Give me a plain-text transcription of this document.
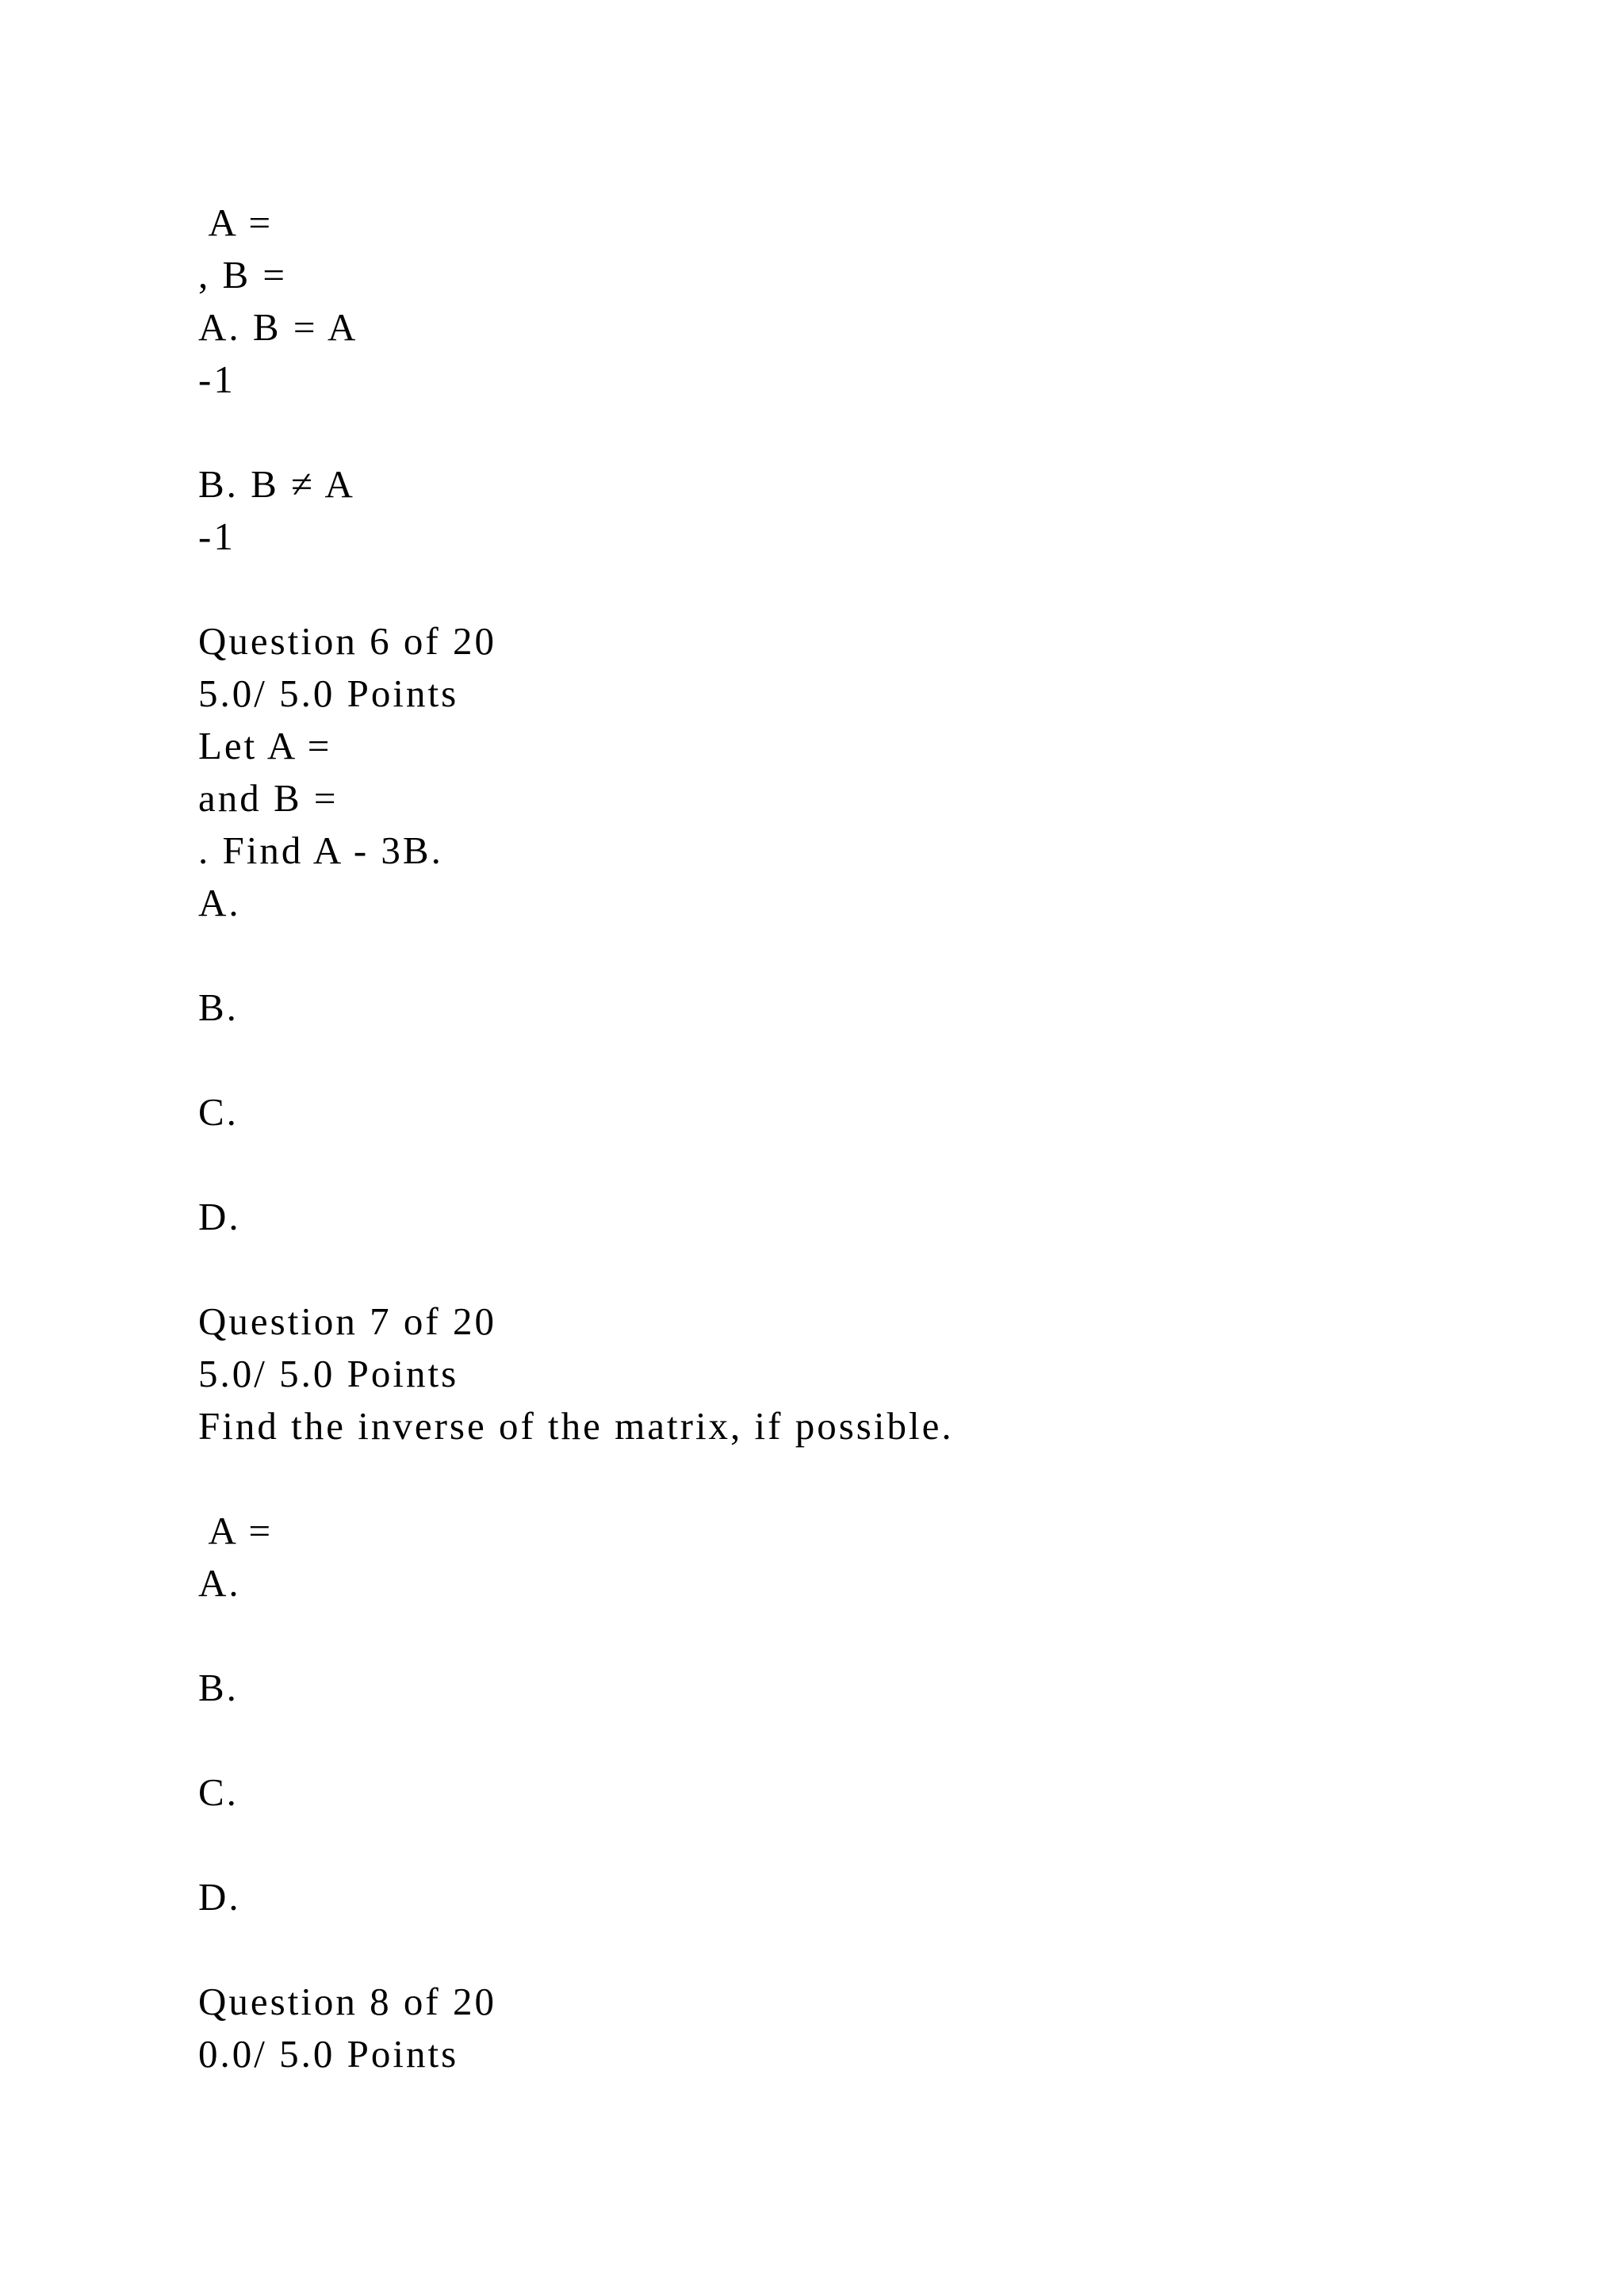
A =

, B =

A. B = A

-1

B. B ≠ A

-1

Question 6 of 20

5.0/ 5.0 Points

Let A =

and B =

. Find A - 3B.

A.

B.

C.

D.

Question 7 of 20

5.0/ 5.0 Points

Find the inverse of the matrix, if possible.

A =

A.

B.

C.

D.

Question 8 of 20

0.0/ 5.0 Points
